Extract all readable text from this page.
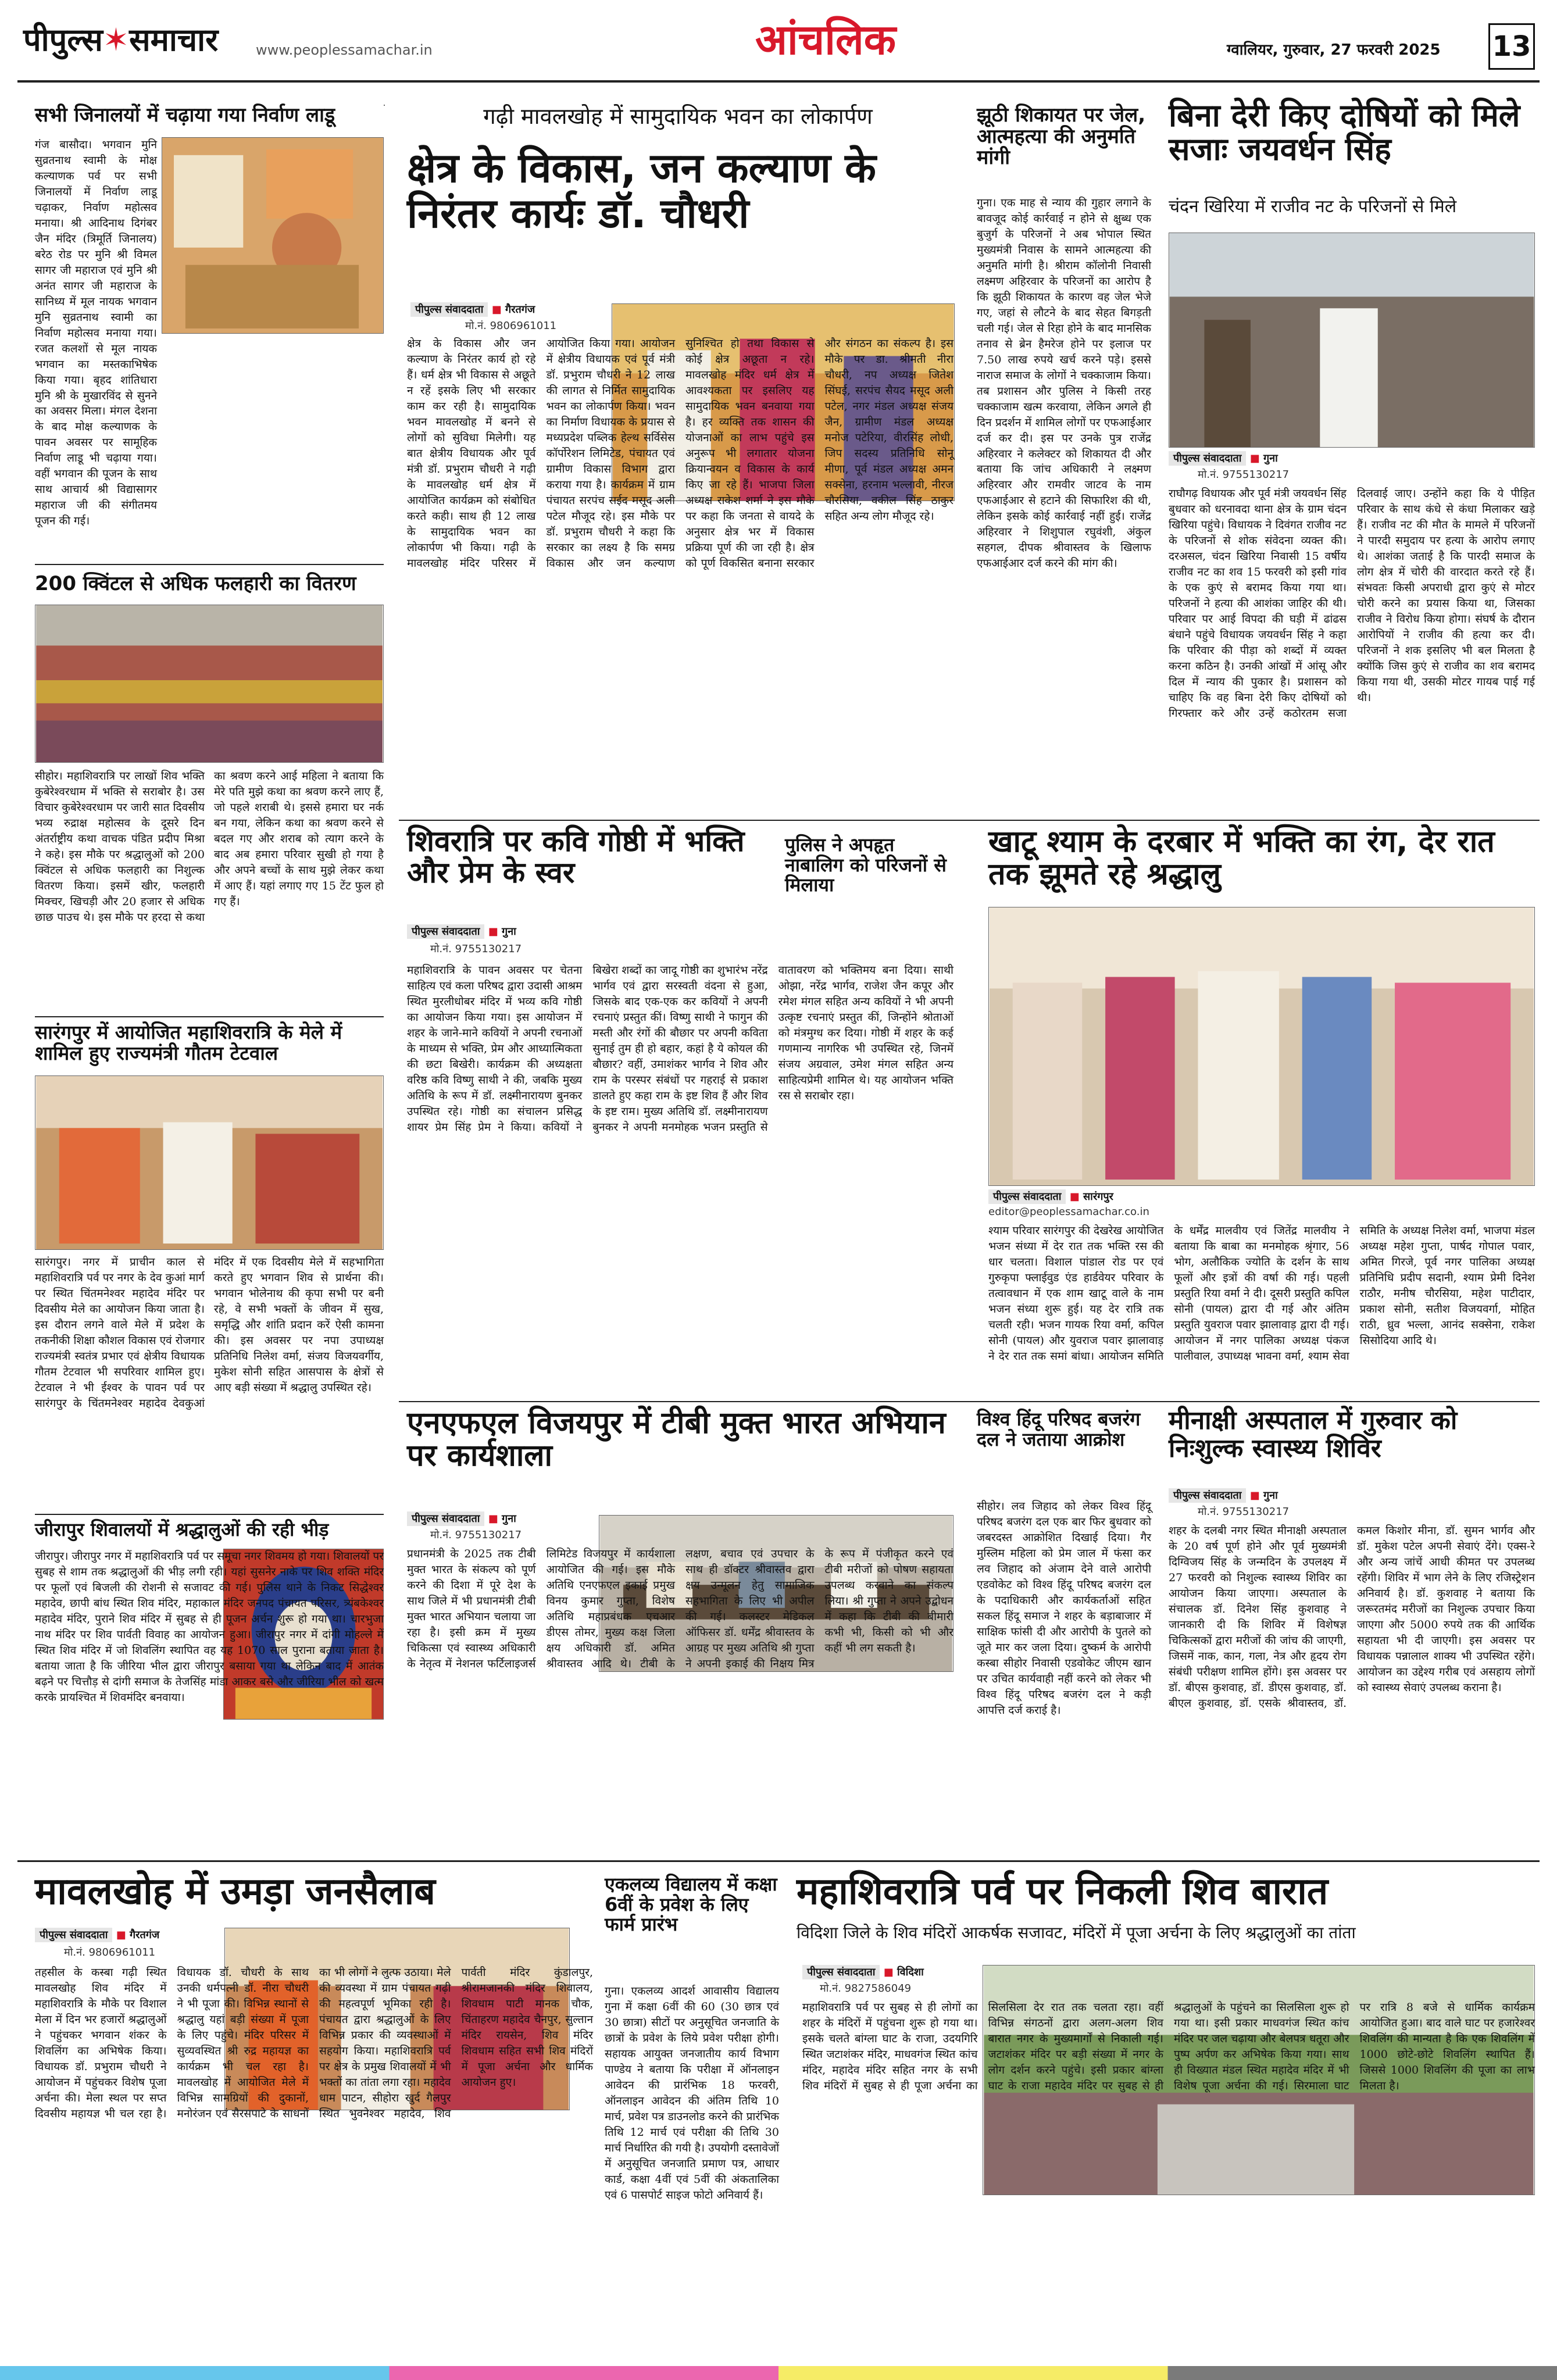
पीपुल्स✶समाचार	www.peoplessamachar.in	आंचलिक	ग्वालियर, गुरुवार, 27 फरवरी 2025 13
सभी जिनालयों में चढ़ाया गया निर्वाण लाडू
गंज बासौदा। भगवान मुनि सुव्रतनाथ स्वामी के मोक्ष कल्याणक पर्व पर सभी जिनालयों में निर्वाण लाडू चढ़ाकर, निर्वाण महोत्सव मनाया। श्री आदिनाथ दिगंबर जैन मंदिर (त्रिमूर्ति जिनालय) बरेठ रोड पर मुनि श्री विमल सागर जी महाराज एवं मुनि श्री अनंत सागर जी महाराज के सानिध्य में मूल नायक भगवान मुनि सुव्रतनाथ स्वामी का निर्वाण महोत्सव मनाया गया। रजत कलशों से मूल नायक भगवान का मस्तकाभिषेक किया गया। बृहद शांतिधारा मुनि श्री के मुखारविंद से सुनने का अवसर मिला। मंगल देशना के बाद मोक्ष कल्याणक के पावन अवसर पर सामूहिक निर्वाण लाडू भी चढ़ाया गया। वहीं भगवान की पूजन के साथ साथ आचार्य श्री विद्यासागर महाराज जी की संगीतमय पूजन की गई।
200 क्विंटल से अधिक फलहारी का वितरण
सीहोर। महाशिवरात्रि पर लाखों शिव भक्ति कुबेरेश्वरधाम में भक्ति से सराबोर है। उस विचार कुबेरेश्वरधाम पर जारी सात दिवसीय भव्य रुद्राक्ष महोत्सव के दूसरे दिन अंतर्राष्ट्रीय कथा वाचक पंडित प्रदीप मिश्रा ने कहे। इस मौके पर श्रद्धालुओं को 200 क्विंटल से अधिक फलहारी का निशुल्क वितरण किया। इसमें खीर, फलहारी मिक्चर, खिचड़ी और 20 हजार से अधिक छाछ पाउच थे। इस मौके पर हरदा से कथा का श्रवण करने आई महिला ने बताया कि मेरे पति मुझे कथा का श्रवण करने लाए हैं, जो पहले शराबी थे। इससे हमारा घर नर्क बन गया, लेकिन कथा का श्रवण करने से बदल गए और शराब को त्याग करने के बाद अब हमारा परिवार सुखी हो गया है और अपने बच्चों के साथ मुझे लेकर कथा में आए हैं। यहां लगाए गए 15 टेंट फुल हो गए हैं।
सारंगपुर में आयोजित महाशिवरात्रि के मेले में शामिल हुए राज्यमंत्री गौतम टेटवाल
सारंगपुर। नगर में प्राचीन काल से महाशिवरात्रि पर्व पर नगर के देव कुआं मार्ग पर स्थित चिंतमनेश्वर महादेव मंदिर पर दिवसीय मेले का आयोजन किया जाता है। इस दौरान लगने वाले मेले में प्रदेश के तकनीकी शिक्षा कौशल विकास एवं रोजगार राज्यमंत्री स्वतंत्र प्रभार एवं क्षेत्रीय विधायक गौतम टेटवाल भी सपरिवार शामिल हुए। टेटवाल ने भी ईश्वर के पावन पर्व पर सारंगपुर के चिंतमनेश्वर महादेव देवकुआं मंदिर में एक दिवसीय मेले में सहभागिता करते हुए भगवान शिव से प्रार्थना की। भगवान भोलेनाथ की कृपा सभी पर बनी रहे, वे सभी भक्तों के जीवन में सुख, समृद्धि और शांति प्रदान करें ऐसी कामना की। इस अवसर पर नपा उपाध्यक्ष प्रतिनिधि निलेश वर्मा, संजय विजयवर्गीय, मुकेश सोनी सहित आसपास के क्षेत्रों से आए बड़ी संख्या में श्रद्धालु उपस्थित रहे।
जीरापुर शिवालयों में श्रद्धालुओं की रही भीड़
जीरापुर। जीरापुर नगर में महाशिवरात्रि पर्व पर समूचा नगर शिवमय हो गया। शिवालयों पर सुबह से शाम तक श्रद्धालुओं की भीड़ लगी रही। यहां सुसनेर नाके पर शिव शक्ति मंदिर पर फूलों एवं बिजली की रोशनी से सजावट की गई। पुलिस थाने के निकट सिद्धेश्वर महादेव, छापी बांध स्थित शिव मंदिर, महाकाल मंदिर जनपद पंचायत परिसर, त्र्यंबकेश्वर महादेव मंदिर, पुराने शिव मंदिर में सुबह से ही पूजन अर्चन शुरू हो गया था। चारभुजा नाथ मंदिर पर शिव पार्वती विवाह का आयोजन हुआ। जीरापुर नगर में दांगी मोहल्ले में स्थित शिव मंदिर में जो शिवलिंग स्थापित वह यह 1070 साल पुराना बताया जाता है। बताया जाता है कि जीरिया भील द्वारा जीरापुर बसाया गया था लेकिन बाद में आतंक बढ़ने पर चित्तौड़ से दांगी समाज के तेजसिंह मांडा आकर बसे और जीरिया भील को खत्म करके प्रायश्चित में शिवमंदिर बनवाया।
गढ़ी मावलखोह में सामुदायिक भवन का लोकार्पण
क्षेत्र के विकास, जन कल्याण के निरंतर कार्यः डॉ. चौधरी
पीपुल्स संवाददाता ■ गैरतगंज
मो.नं. 9806961011
क्षेत्र के विकास और जन कल्याण के निरंतर कार्य हो रहे हैं। धर्म क्षेत्र भी विकास से अछूते न रहें इसके लिए भी सरकार काम कर रही है। सामुदायिक भवन मावलखोह में बनने से लोगों को सुविधा मिलेगी। यह बात क्षेत्रीय विधायक और पूर्व मंत्री डॉ. प्रभुराम चौधरी ने गढ़ी के मावलखोह धर्म क्षेत्र में आयोजित कार्यक्रम को संबोधित करते कही। साथ ही 12 लाख के सामुदायिक भवन का लोकार्पण भी किया। गढ़ी के मावलखोह मंदिर परिसर में आयोजित किया गया। आयोजन में क्षेत्रीय विधायक एवं पूर्व मंत्री डॉ. प्रभुराम चौधरी ने 12 लाख की लागत से निर्मित सामुदायिक भवन का लोकार्पण किया। भवन का निर्माण विधायक के प्रयास से मध्यप्रदेश पब्लिक हेल्थ सर्विसेस कॉर्पोरेशन लिमिटेड, पंचायत एवं ग्रामीण विकास विभाग द्वारा कराया गया है। कार्यक्रम में ग्राम पंचायत सरपंच सईद मसूद अली पटेल मौजूद रहे। इस मौके पर डॉ. प्रभुराम चौधरी ने कहा कि सरकार का लक्ष्य है कि समग्र विकास और जन कल्याण सुनिश्चित हो तथा विकास से कोई क्षेत्र अछूता न रहे। मावलखोह मंदिर धर्म क्षेत्र में आवश्यकता पर इसलिए यह सामुदायिक भवन बनवाया गया है। हर व्यक्ति तक शासन की योजनाओं का लाभ पहुंचे इस अनुरूप भी लगातार योजना क्रियान्वयन व विकास के कार्य किए जा रहे हैं। भाजपा जिला अध्यक्ष राकेश शर्मा ने इस मौके पर कहा कि जनता से वायदे के अनुसार क्षेत्र भर में विकास प्रक्रिया पूर्ण की जा रही है। क्षेत्र को पूर्ण विकसित बनाना सरकार और संगठन का संकल्प है। इस मौके पर डा. श्रीमती नीरा चौधरी, नप अध्यक्ष जितेश सिंघई, सरपंच सैयद मसूद अली पटेल, नगर मंडल अध्यक्ष संजय जैन, ग्रामीण मंडल अध्यक्ष मनोज पटेरिया, वीरसिंह लोधी, जिप सदस्य प्रतिनिधि सोनू मीणा, पूर्व मंडल अध्यक्ष अमन सक्सेना, हरनाम भल्लावी, नीरज चौरसिया, वकील सिंह ठाकुर सहित अन्य लोग मौजूद रहे।
झूठी शिकायत पर जेल, आत्महत्या की अनुमति मांगी
गुना। एक माह से न्याय की गुहार लगाने के बावजूद कोई कार्रवाई न होने से क्षुब्ध एक बुजुर्ग के परिजनों ने अब भोपाल स्थित मुख्यमंत्री निवास के सामने आत्महत्या की अनुमति मांगी है। श्रीराम कॉलोनी निवासी लक्ष्मण अहिरवार के परिजनों का आरोप है कि झूठी शिकायत के कारण वह जेल भेजे गए, जहां से लौटने के बाद सेहत बिगड़ती चली गई। जेल से रिहा होने के बाद मानसिक तनाव से ब्रेन हैमरेज होने पर इलाज पर 7.50 लाख रुपये खर्च करने पड़े। इससे नाराज समाज के लोगों ने चक्काजाम किया। तब प्रशासन और पुलिस ने किसी तरह चक्काजाम खत्म करवाया, लेकिन अगले ही दिन प्रदर्शन में शामिल लोगों पर एफआईआर दर्ज कर दी। इस पर उनके पुत्र राजेंद्र अहिरवार ने कलेक्टर को शिकायत दी और बताया कि जांच अधिकारी ने लक्ष्मण अहिरवार और रामवीर जाटव के नाम एफआईआर से हटाने की सिफारिश की थी, लेकिन इसके कोई कार्रवाई नहीं हुई। राजेंद्र अहिरवार ने शिशुपाल रघुवंशी, अंकुल सहगल, दीपक श्रीवास्तव के खिलाफ एफआईआर दर्ज करने की मांग की।
बिना देरी किए दोषियों को मिले सजाः जयवर्धन सिंह
चंदन खिरिया में राजीव नट के परिजनों से मिले
पीपुल्स संवाददाता ■ गुना
मो.नं. 9755130217
राघौगढ़ विधायक और पूर्व मंत्री जयवर्धन सिंह बुधवार को धरनावदा थाना क्षेत्र के ग्राम चंदन खिरिया पहुंचे। विधायक ने दिवंगत राजीव नट के परिजनों से शोक संवेदना व्यक्त की। दरअसल, चंदन खिरिया निवासी 15 वर्षीय राजीव नट का शव 15 फरवरी को इसी गांव के एक कुएं से बरामद किया गया था। परिजनों ने हत्या की आशंका जाहिर की थी। परिवार पर आई विपदा की घड़ी में ढांढस बंधाने पहुंचे विधायक जयवर्धन सिंह ने कहा कि परिवार की पीड़ा को शब्दों में व्यक्त करना कठिन है। उनकी आंखों में आंसू और दिल में न्याय की पुकार है। प्रशासन को चाहिए कि वह बिना देरी किए दोषियों को गिरफ्तार करे और उन्हें कठोरतम सजा दिलवाई जाए। उन्होंने कहा कि ये पीड़ित परिवार के साथ कंधे से कंधा मिलाकर खड़े हैं। राजीव नट की मौत के मामले में परिजनों ने पारदी समुदाय पर हत्या के आरोप लगाए थे। आशंका जताई है कि पारदी समाज के लोग क्षेत्र में चोरी की वारदात करते रहे हैं। संभवतः किसी अपराधी द्वारा कुएं से मोटर चोरी करने का प्रयास किया था, जिसका राजीव ने विरोध किया होगा। संघर्ष के दौरान आरोपियों ने राजीव की हत्या कर दी। परिजनों ने शक इसलिए भी बल मिलता है क्योंकि जिस कुएं से राजीव का शव बरामद किया गया थी, उसकी मोटर गायब पाई गई थी।
शिवरात्रि पर कवि गोष्ठी में भक्ति और प्रेम के स्वर
पीपुल्स संवाददाता ■ गुना
मो.नं. 9755130217
महाशिवरात्रि के पावन अवसर पर चेतना साहित्य एवं कला परिषद द्वारा उदासी आश्रम स्थित मुरलीधोबर मंदिर में भव्य कवि गोष्ठी का आयोजन किया गया। इस आयोजन में शहर के जाने-माने कवियों ने अपनी रचनाओं के माध्यम से भक्ति, प्रेम और आध्यात्मिकता की छटा बिखेरी। कार्यक्रम की अध्यक्षता वरिष्ठ कवि विष्णु साथी ने की, जबकि मुख्य अतिथि के रूप में डॉ. लक्ष्मीनारायण बुनकर उपस्थित रहे। गोष्ठी का संचालन प्रसिद्ध शायर प्रेम सिंह प्रेम ने किया। कवियों ने बिखेरा शब्दों का जादू गोष्ठी का शुभारंभ नरेंद्र भार्गव एवं द्वारा सरस्वती वंदना से हुआ, जिसके बाद एक-एक कर कवियों ने अपनी रचनाएं प्रस्तुत कीं। विष्णु साथी ने फागुन की मस्ती और रंगों की बौछार पर अपनी कविता सुनाई तुम ही हो बहार, कहां है ये कोयल की बौछार? वहीं, उमाशंकर भार्गव ने शिव और राम के परस्पर संबंधों पर गहराई से प्रकाश डालते हुए कहा राम के इष्ट शिव हैं और शिव के इष्ट राम। मुख्य अतिथि डॉ. लक्ष्मीनारायण बुनकर ने अपनी मनमोहक भजन प्रस्तुति से वातावरण को भक्तिमय बना दिया। साथी ओझा, नरेंद्र भार्गव, राजेश जैन कपूर और रमेश मंगल सहित अन्य कवियों ने भी अपनी उत्कृष्ट रचनाएं प्रस्तुत कीं, जिन्होंने श्रोताओं को मंत्रमुग्ध कर दिया। गोष्ठी में शहर के कई गणमान्य नागरिक भी उपस्थित रहे, जिनमें संजय अग्रवाल, उमेश मंगल सहित अन्य साहित्यप्रेमी शामिल थे। यह आयोजन भक्ति रस से सराबोर रहा।
पुलिस ने अपहृत नाबालिग को परिजनों से मिलाया
खाटू श्याम के दरबार में भक्ति का रंग, देर रात तक झूमते रहे श्रद्धालु
पीपुल्स संवाददाता ■ सारंगपुर
editor@peoplessamachar.co.in
श्याम परिवार सारंगपुर की देखरेख आयोजित भजन संध्या में देर रात तक भक्ति रस की धार चलता। विशाल पांडाल रोड पर एवं गुरुकृपा फ्लाईवुड एंड हार्डवेयर परिवार के तत्वावधान में एक शाम खाटू वाले के नाम भजन संध्या शुरू हुई। यह देर रात्रि तक चलती रही। भजन गायक रिया वर्मा, कपिल सोनी (पायल) और युवराज पवार झालावाड़ ने देर रात तक समां बांधा। आयोजन समिति के धर्मेंद्र मालवीय एवं जितेंद्र मालवीय ने बताया कि बाबा का मनमोहक श्रृंगार, 56 भोग, अलौकिक ज्योति के दर्शन के साथ फूलों और इत्रों की वर्षा की गई। पहली प्रस्तुति रिया वर्मा ने दी। दूसरी प्रस्तुति कपिल सोनी (पायल) द्वारा दी गई और अंतिम प्रस्तुति युवराज पवार झालावाड़ द्वारा दी गई। आयोजन में नगर पालिका अध्यक्ष पंकज पालीवाल, उपाध्यक्ष भावना वर्मा, श्याम सेवा समिति के अध्यक्ष निलेश वर्मा, भाजपा मंडल अध्यक्ष महेश गुप्ता, पार्षद गोपाल पवार, अमित गिरजे, पूर्व नगर पालिका अध्यक्ष प्रतिनिधि प्रदीप सदानी, श्याम प्रेमी दिनेश राठौर, मनीष चौरसिया, महेश पाटीदार, प्रकाश सोनी, सतीश विजयवर्गा, मोहित राठी, ध्रुव भल्ला, आनंद सक्सेना, राकेश सिसोदिया आदि थे।
एनएफएल विजयपुर में टीबी मुक्त भारत अभियान पर कार्यशाला
पीपुल्स संवाददाता ■ गुना
मो.नं. 9755130217
प्रधानमंत्री के 2025 तक टीबी मुक्त भारत के संकल्प को पूर्ण करने की दिशा में पूरे देश के साथ जिले में भी प्रधानमंत्री टीबी मुक्त भारत अभियान चलाया जा रहा है। इसी क्रम में मुख्य चिकित्सा एवं स्वास्थ्य अधिकारी के नेतृत्व में नेशनल फर्टिलाइजर्स लिमिटेड विजयपुर में कार्यशाला आयोजित की गई। इस मौके अतिथि एनएफएल इकाई प्रमुख विनय कुमार गुप्ता, विशेष अतिथि महाप्रबंधक एचआर डीएस तोमर, मुख्य कक्ष जिला क्षय अधिकारी डॉ. अमित श्रीवास्तव आदि थे। टीबी के लक्षण, बचाव एवं उपचार के साथ ही डॉक्टर श्रीवास्तव द्वारा क्षय उन्मूलन हेतु सामाजिक सहभागिता के लिए भी अपील की गई। कलस्टर मेडिकल ऑफिसर डॉ. धर्मेंद्र श्रीवास्तव के आग्रह पर मुख्य अतिथि श्री गुप्ता ने अपनी इकाई की निक्षय मित्र के रूप में पंजीकृत करने एवं टीबी मरीजों को पोषण सहायता उपलब्ध करवाने का संकल्प लिया। श्री गुप्ता ने अपने उद्बोधन में कहा कि टीबी की बीमारी कभी भी, किसी को भी और कहीं भी लग सकती है।
विश्व हिंदू परिषद बजरंग दल ने जताया आक्रोश
सीहोर। लव जिहाद को लेकर विश्व हिंदू परिषद बजरंग दल एक बार फिर बुधवार को जबरदस्त आक्रोशित दिखाई दिया। गैर मुस्लिम महिला को प्रेम जाल में फंसा कर लव जिहाद को अंजाम देने वाले आरोपी एडवोकेट को विश्व हिंदू परिषद बजरंग दल के पदाधिकारी और कार्यकर्ताओं सहित सकल हिंदू समाज ने शहर के बड़ाबाजार में साक्षिक फांसी दी और आरोपी के पुतले को जूते मार कर जला दिया। दुष्कर्म के आरोपी कस्बा सीहोर निवासी एडवोकेट जीएम खान पर उचित कार्यवाही नहीं करने को लेकर भी विश्व हिंदू परिषद बजरंग दल ने कड़ी आपत्ति दर्ज कराई है।
मीनाक्षी अस्पताल में गुरुवार को निःशुल्क स्वास्थ्य शिविर
पीपुल्स संवाददाता ■ गुना
मो.नं. 9755130217
शहर के दलबी नगर स्थित मीनाक्षी अस्पताल के 20 वर्ष पूर्ण होने और पूर्व मुख्यमंत्री दिग्विजय सिंह के जन्मदिन के उपलक्ष्य में 27 फरवरी को निशुल्क स्वास्थ्य शिविर का आयोजन किया जाएगा। अस्पताल के संचालक डॉ. दिनेश सिंह कुशवाह ने जानकारी दी कि शिविर में विशेषज्ञ चिकित्सकों द्वारा मरीजों की जांच की जाएगी, जिसमें नाक, कान, गला, नेत्र और हृदय रोग संबंधी परीक्षण शामिल होंगे। इस अवसर पर डॉ. बीएस कुशवाह, डॉ. डीएस कुशवाह, डॉ. बीएल कुशवाह, डॉ. एसके श्रीवास्तव, डॉ. कमल किशोर मीना, डॉ. सुमन भार्गव और डॉ. मुकेश पटेल अपनी सेवाएं देंगे। एक्स-रे और अन्य जांचें आधी कीमत पर उपलब्ध रहेंगी। शिविर में भाग लेने के लिए रजिस्ट्रेशन अनिवार्य है। डॉ. कुशवाह ने बताया कि जरूरतमंद मरीजों का निशुल्क उपचार किया जाएगा और 5000 रुपये तक की आर्थिक सहायता भी दी जाएगी। इस अवसर पर विधायक पन्नालाल शाक्य भी उपस्थित रहेंगे। आयोजन का उद्देश्य गरीब एवं असहाय लोगों को स्वास्थ्य सेवाएं उपलब्ध कराना है।
मावलखोह में उमड़ा जनसैलाब
पीपुल्स संवाददाता ■ गैरतगंज
मो.नं. 9806961011
तहसील के कस्बा गढ़ी स्थित मावलखोह शिव मंदिर में महाशिवरात्रि के मौके पर विशाल मेला में दिन भर हजारों श्रद्धालुओं ने पहुंचकर भगवान शंकर के शिवलिंग का अभिषेक किया। विधायक डॉ. प्रभुराम चौधरी ने आयोजन में पहुंचकर विशेष पूजा अर्चना की। मेला स्थल पर सप्त दिवसीय महायज्ञ भी चल रहा है। विधायक डॉ. चौधरी के साथ उनकी धर्मपत्नी डॉ. नीरा चौधरी ने भी पूजा की। विभिन्न स्थानों से श्रद्धालु यहां बड़ी संख्या में पूजा के लिए पहुंचे। मंदिर परिसर में सुव्यवस्थित श्री रुद्र महायज्ञ का कार्यक्रम भी चल रहा है। मावलखोह में आयोजित मेले में विभिन्न सामग्रियों की दुकानों, मनोरंजन एवं सैरसपाटे के साधनों का भी लोगों ने लुत्फ उठाया। मेले की व्यवस्था में ग्राम पंचायत गढ़ी की महत्वपूर्ण भूमिका रही है। पंचायत द्वारा श्रद्धालुओं के लिए विभिन्न प्रकार की व्यवस्थाओं में सहयोग किया। महाशिवरात्रि पर्व पर क्षेत्र के प्रमुख शिवालयों में भी भक्तों का तांता लगा रहा। महादेव धाम पाटन, सीहोरा खुर्द गैलपुर स्थित भुवनेश्वर महादेव, शिव पार्वती मंदिर कुंडालपुर, श्रीरामजानकी मंदिर शिवालय, शिवधाम पाटी मानक चौक, चिंताहरण महादेव चैनपुर, सुल्तान मंदिर रायसेन, शिव मंदिर शिवधाम सहित सभी शिव मंदिरों में पूजा अर्चना और धार्मिक आयोजन हुए।
एकलव्य विद्यालय में कक्षा 6वीं के प्रवेश के लिए फार्म प्रारंभ
गुना। एकलव्य आदर्श आवासीय विद्यालय गुना में कक्षा 6वीं की 60 (30 छात्र एवं 30 छात्रा) सीटों पर अनुसूचित जनजाति के छात्रों के प्रवेश के लिये प्रवेश परीक्षा होगी। सहायक आयुक्त जनजातीय कार्य विभाग पाण्डेय ने बताया कि परीक्षा में ऑनलाइन आवेदन की प्रारंभिक 18 फरवरी, ऑनलाइन आवेदन की अंतिम तिथि 10 मार्च, प्रवेश पत्र डाउनलोड करने की प्रारंभिक तिथि 12 मार्च एवं परीक्षा की तिथि 30 मार्च निर्धारित की गयी है। उपयोगी दस्तावेजों में अनुसूचित जनजाति प्रमाण पत्र, आधार कार्ड, कक्षा 4वीं एवं 5वीं की अंकतालिका एवं 6 पासपोर्ट साइज फोटो अनिवार्य हैं।
महाशिवरात्रि पर्व पर निकली शिव बारात
विदिशा जिले के शिव मंदिरों आकर्षक सजावट, मंदिरों में पूजा अर्चना के लिए श्रद्धालुओं का तांता
पीपुल्स संवाददाता ■ विदिशा
मो.नं. 9827586049
महाशिवरात्रि पर्व पर सुबह से ही लोगों का शहर के मंदिरों में पहुंचना शुरू हो गया था। इसके चलते बांग्ला घाट के राजा, उदयगिरि स्थित जटाशंकर मंदिर, माधवगंज स्थित कांच मंदिर, महादेव मंदिर सहित नगर के सभी शिव मंदिरों में सुबह से ही पूजा अर्चना का सिलसिला देर रात तक चलता रहा। वहीं विभिन्न संगठनों द्वारा अलग-अलग शिव बारात नगर के मुख्यमार्गों से निकाली गई। जटाशंकर मंदिर पर बड़ी संख्या में नगर के लोग दर्शन करने पहुंचे। इसी प्रकार बांग्ला घाट के राजा महादेव मंदिर पर सुबह से ही श्रद्धालुओं के पहुंचने का सिलसिला शुरू हो गया था। इसी प्रकार माधवगंज स्थित कांच मंदिर पर जल चढ़ाया और बेलपत्र धतूरा और पुष्प अर्पण कर अभिषेक किया गया। साथ ही विख्यात मंडल स्थित महादेव मंदिर में भी विशेष पूजा अर्चना की गई। सिरमाला घाट पर रात्रि 8 बजे से धार्मिक कार्यक्रम आयोजित हुआ। बाद वाले घाट पर हजारेश्वर शिवलिंग की मान्यता है कि एक शिवलिंग में 1000 छोटे-छोटे शिवलिंग स्थापित हैं। जिससे 1000 शिवलिंग की पूजा का लाभ मिलता है।
